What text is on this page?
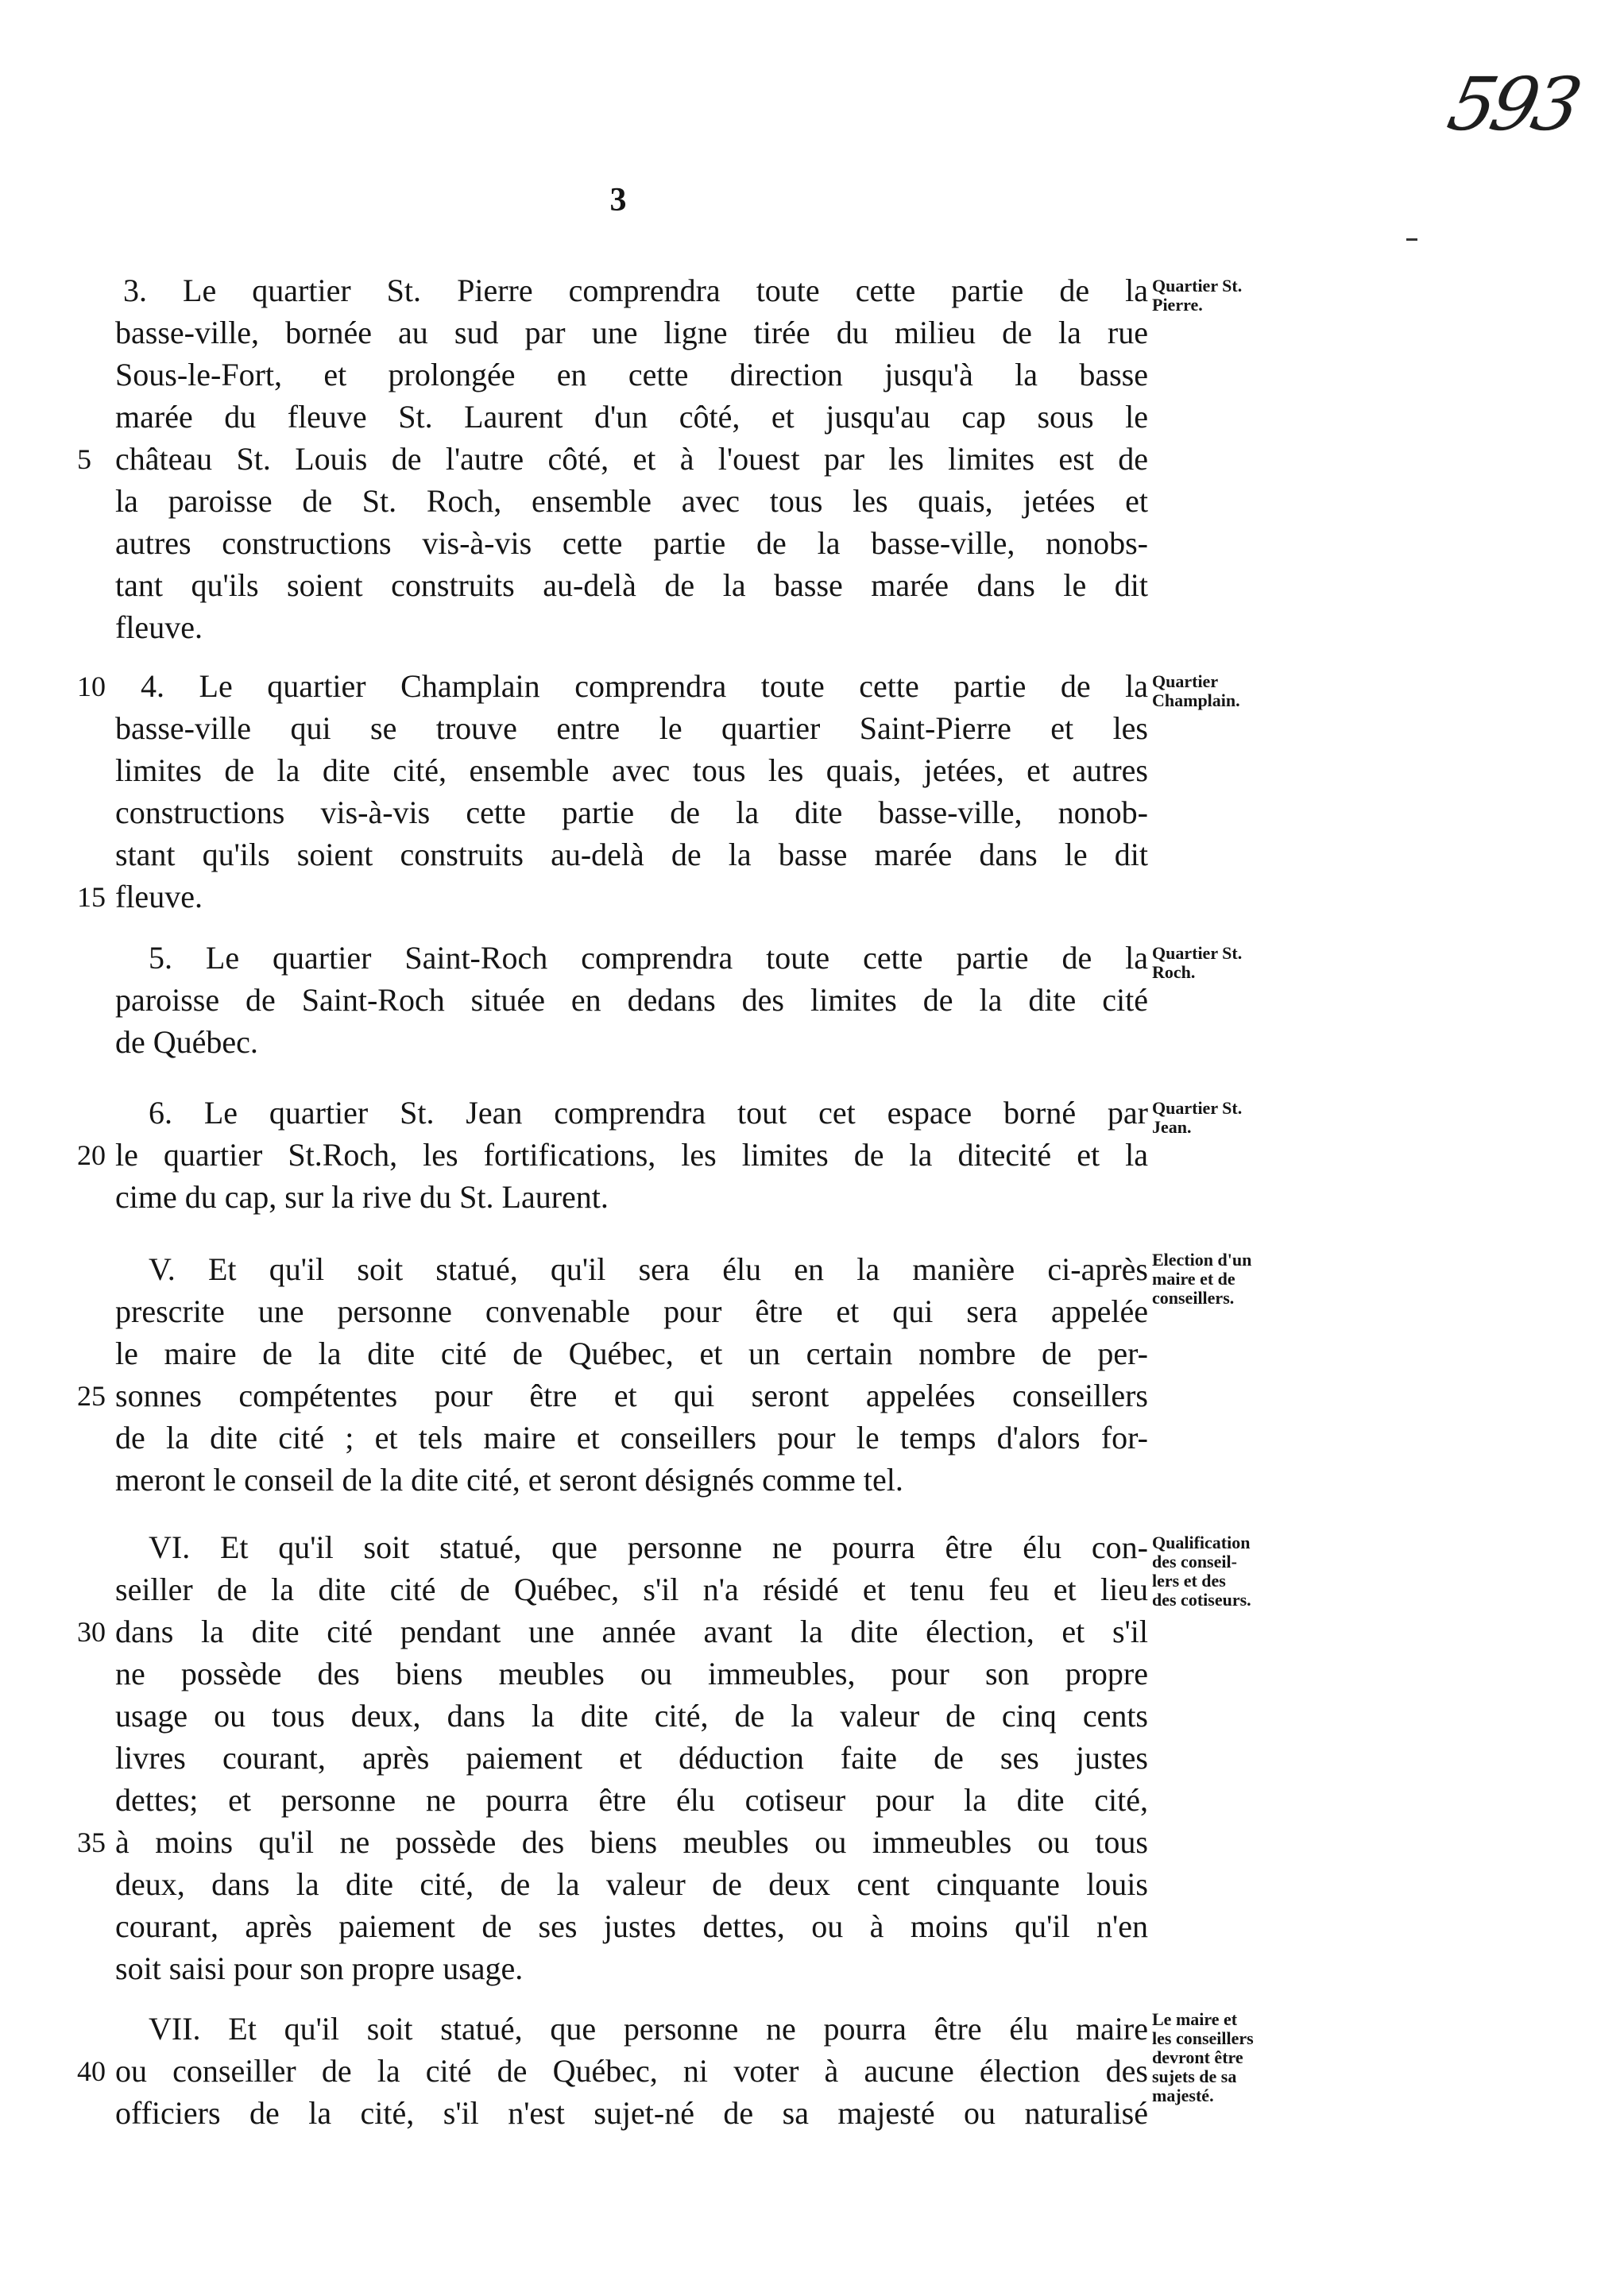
593
3
3. Le quartier St. Pierre comprendra toute cette partie de la
basse-ville, bornée au sud par une ligne tirée du milieu de la rue
Sous-le-Fort, et prolongée en cette direction jusqu'à la basse
marée du fleuve St. Laurent d'un côté, et jusqu'au cap sous le
château St. Louis de l'autre côté, et à l'ouest par les limites est de
la paroisse de St. Roch, ensemble avec tous les quais, jetées et
autres constructions vis-à-vis cette partie de la basse-ville, nonobs-
tant qu'ils soient construits au-delà de la basse marée dans le dit
fleuve.
Quartier St.
Pierre.
5
4. Le quartier Champlain comprendra toute cette partie de la
basse-ville qui se trouve entre le quartier Saint-Pierre et les
limites de la dite cité, ensemble avec tous les quais, jetées, et autres
constructions vis-à-vis cette partie de la dite basse-ville, nonob-
stant qu'ils soient construits au-delà de la basse marée dans le dit
fleuve.
Quartier
Champlain.
10
15
5. Le quartier Saint-Roch comprendra toute cette partie de la
paroisse de Saint-Roch située en dedans des limites de la dite cité
de Québec.
Quartier St.
Roch.
6. Le quartier St. Jean comprendra tout cet espace borné par
le quartier St.Roch, les fortifications, les limites de la ditecité et la
cime du cap, sur la rive du St. Laurent.
Quartier St.
Jean.
20
V. Et qu'il soit statué, qu'il sera élu en la manière ci-après
prescrite une personne convenable pour être et qui sera appelée
le maire de la dite cité de Québec, et un certain nombre de per-
sonnes compétentes pour être et qui seront appelées conseillers
de la dite cité ; et tels maire et conseillers pour le temps d'alors for-
meront le conseil de la dite cité, et seront désignés comme tel.
Election d'un
maire et de
conseillers.
25
VI. Et qu'il soit statué, que personne ne pourra être élu con-
seiller de la dite cité de Québec, s'il n'a résidé et tenu feu et lieu
dans la dite cité pendant une année avant la dite élection, et s'il
ne possède des biens meubles ou immeubles, pour son propre
usage ou tous deux, dans la dite cité, de la valeur de cinq cents
livres courant, après paiement et déduction faite de ses justes
dettes; et personne ne pourra être élu cotiseur pour la dite cité,
à moins qu'il ne possède des biens meubles ou immeubles ou tous
deux, dans la dite cité, de la valeur de deux cent cinquante louis
courant, après paiement de ses justes dettes, ou à moins qu'il n'en
soit saisi pour son propre usage.
Qualification
des conseil-
lers et des
des cotiseurs.
30
35
VII. Et qu'il soit statué, que personne ne pourra être élu maire
ou conseiller de la cité de Québec, ni voter à aucune élection des
officiers de la cité, s'il n'est sujet-né de sa majesté ou naturalisé
Le maire et
les conseillers
devront être
sujets de sa
majesté.
40
